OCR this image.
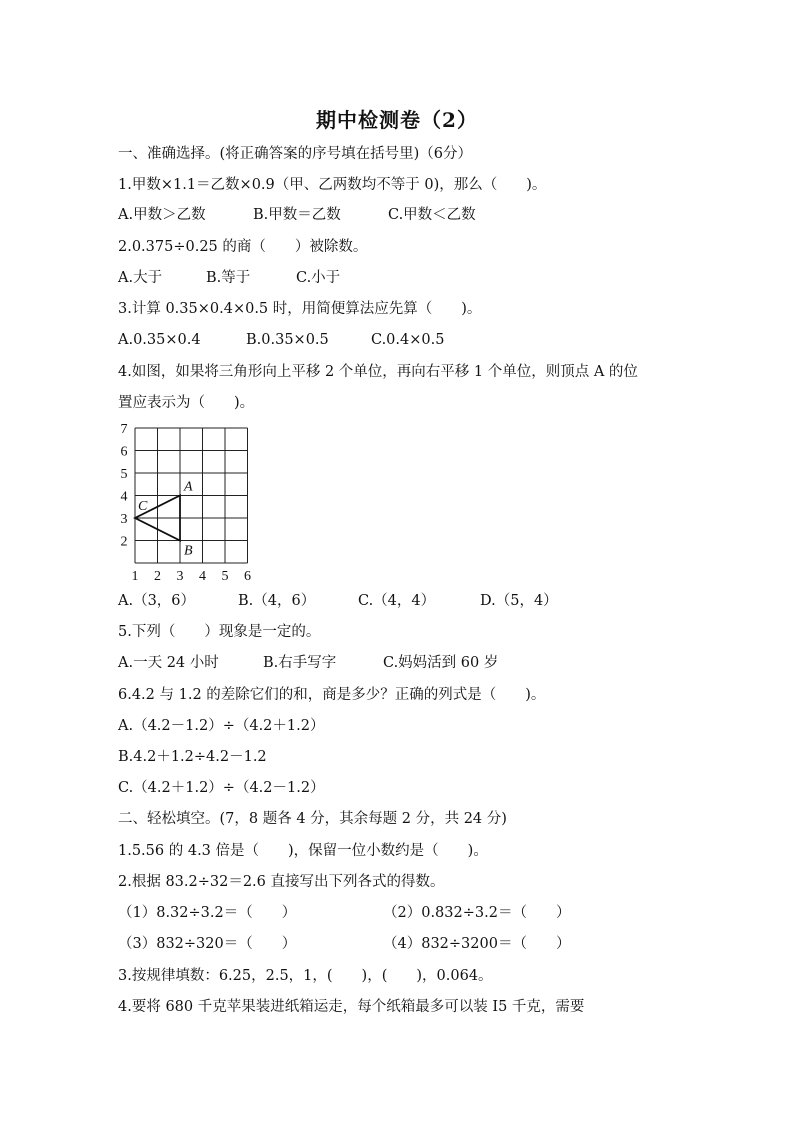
期中检测卷（2）
一、准确选择。(将正确答案的序号填在括号里)（6分）
1.甲数×1.1＝乙数×0.9（甲、乙两数均不等于 0)，那么（　　)。
A.甲数＞乙数	B.甲数＝乙数	C.甲数＜乙数
2.0.375÷0.25 的商（　　）被除数。
A.大于	B.等于	C.小于
3.计算 0.35×0.4×0.5 时，用简便算法应先算（　　)。
A.0.35×0.4	B.0.35×0.5	C.0.4×0.5
4.如图，如果将三角形向上平移 2 个单位，再向右平移 1 个单位，则顶点 A 的位
置应表示为（　　)。
1 2 3 4 5 6
2
3
4
5
6
7
A
B
C
A.（3，6）	B.（4，6）	C.（4，4）	D.（5，4）
5.下列（　　）现象是一定的。
A.一天 24 小时	B.右手写字	C.妈妈活到 60 岁
6.4.2 与 1.2 的差除它们的和，商是多少？正确的列式是（　　)。
A.（4.2－1.2）÷（4.2＋1.2）
B.4.2＋1.2÷4.2－1.2
C.（4.2＋1.2）÷（4.2－1.2）
二、轻松填空。(7，8 题各 4 分，其余每题 2 分，共 24 分)
1.5.56 的 4.3 倍是（　　)，保留一位小数约是（　　)。
2.根据 83.2÷32＝2.6 直接写出下列各式的得数。
（1）8.32÷3.2＝（　　）	（2）0.832÷3.2＝（　　）
（3）832÷320＝（　　）	（4）832÷3200＝（　　）
3.按规律填数：6.25，2.5，1，(　　)，(　　)，0.064。
4.要将 680 千克苹果装进纸箱运走，每个纸箱最多可以装 I5 千克，需要
